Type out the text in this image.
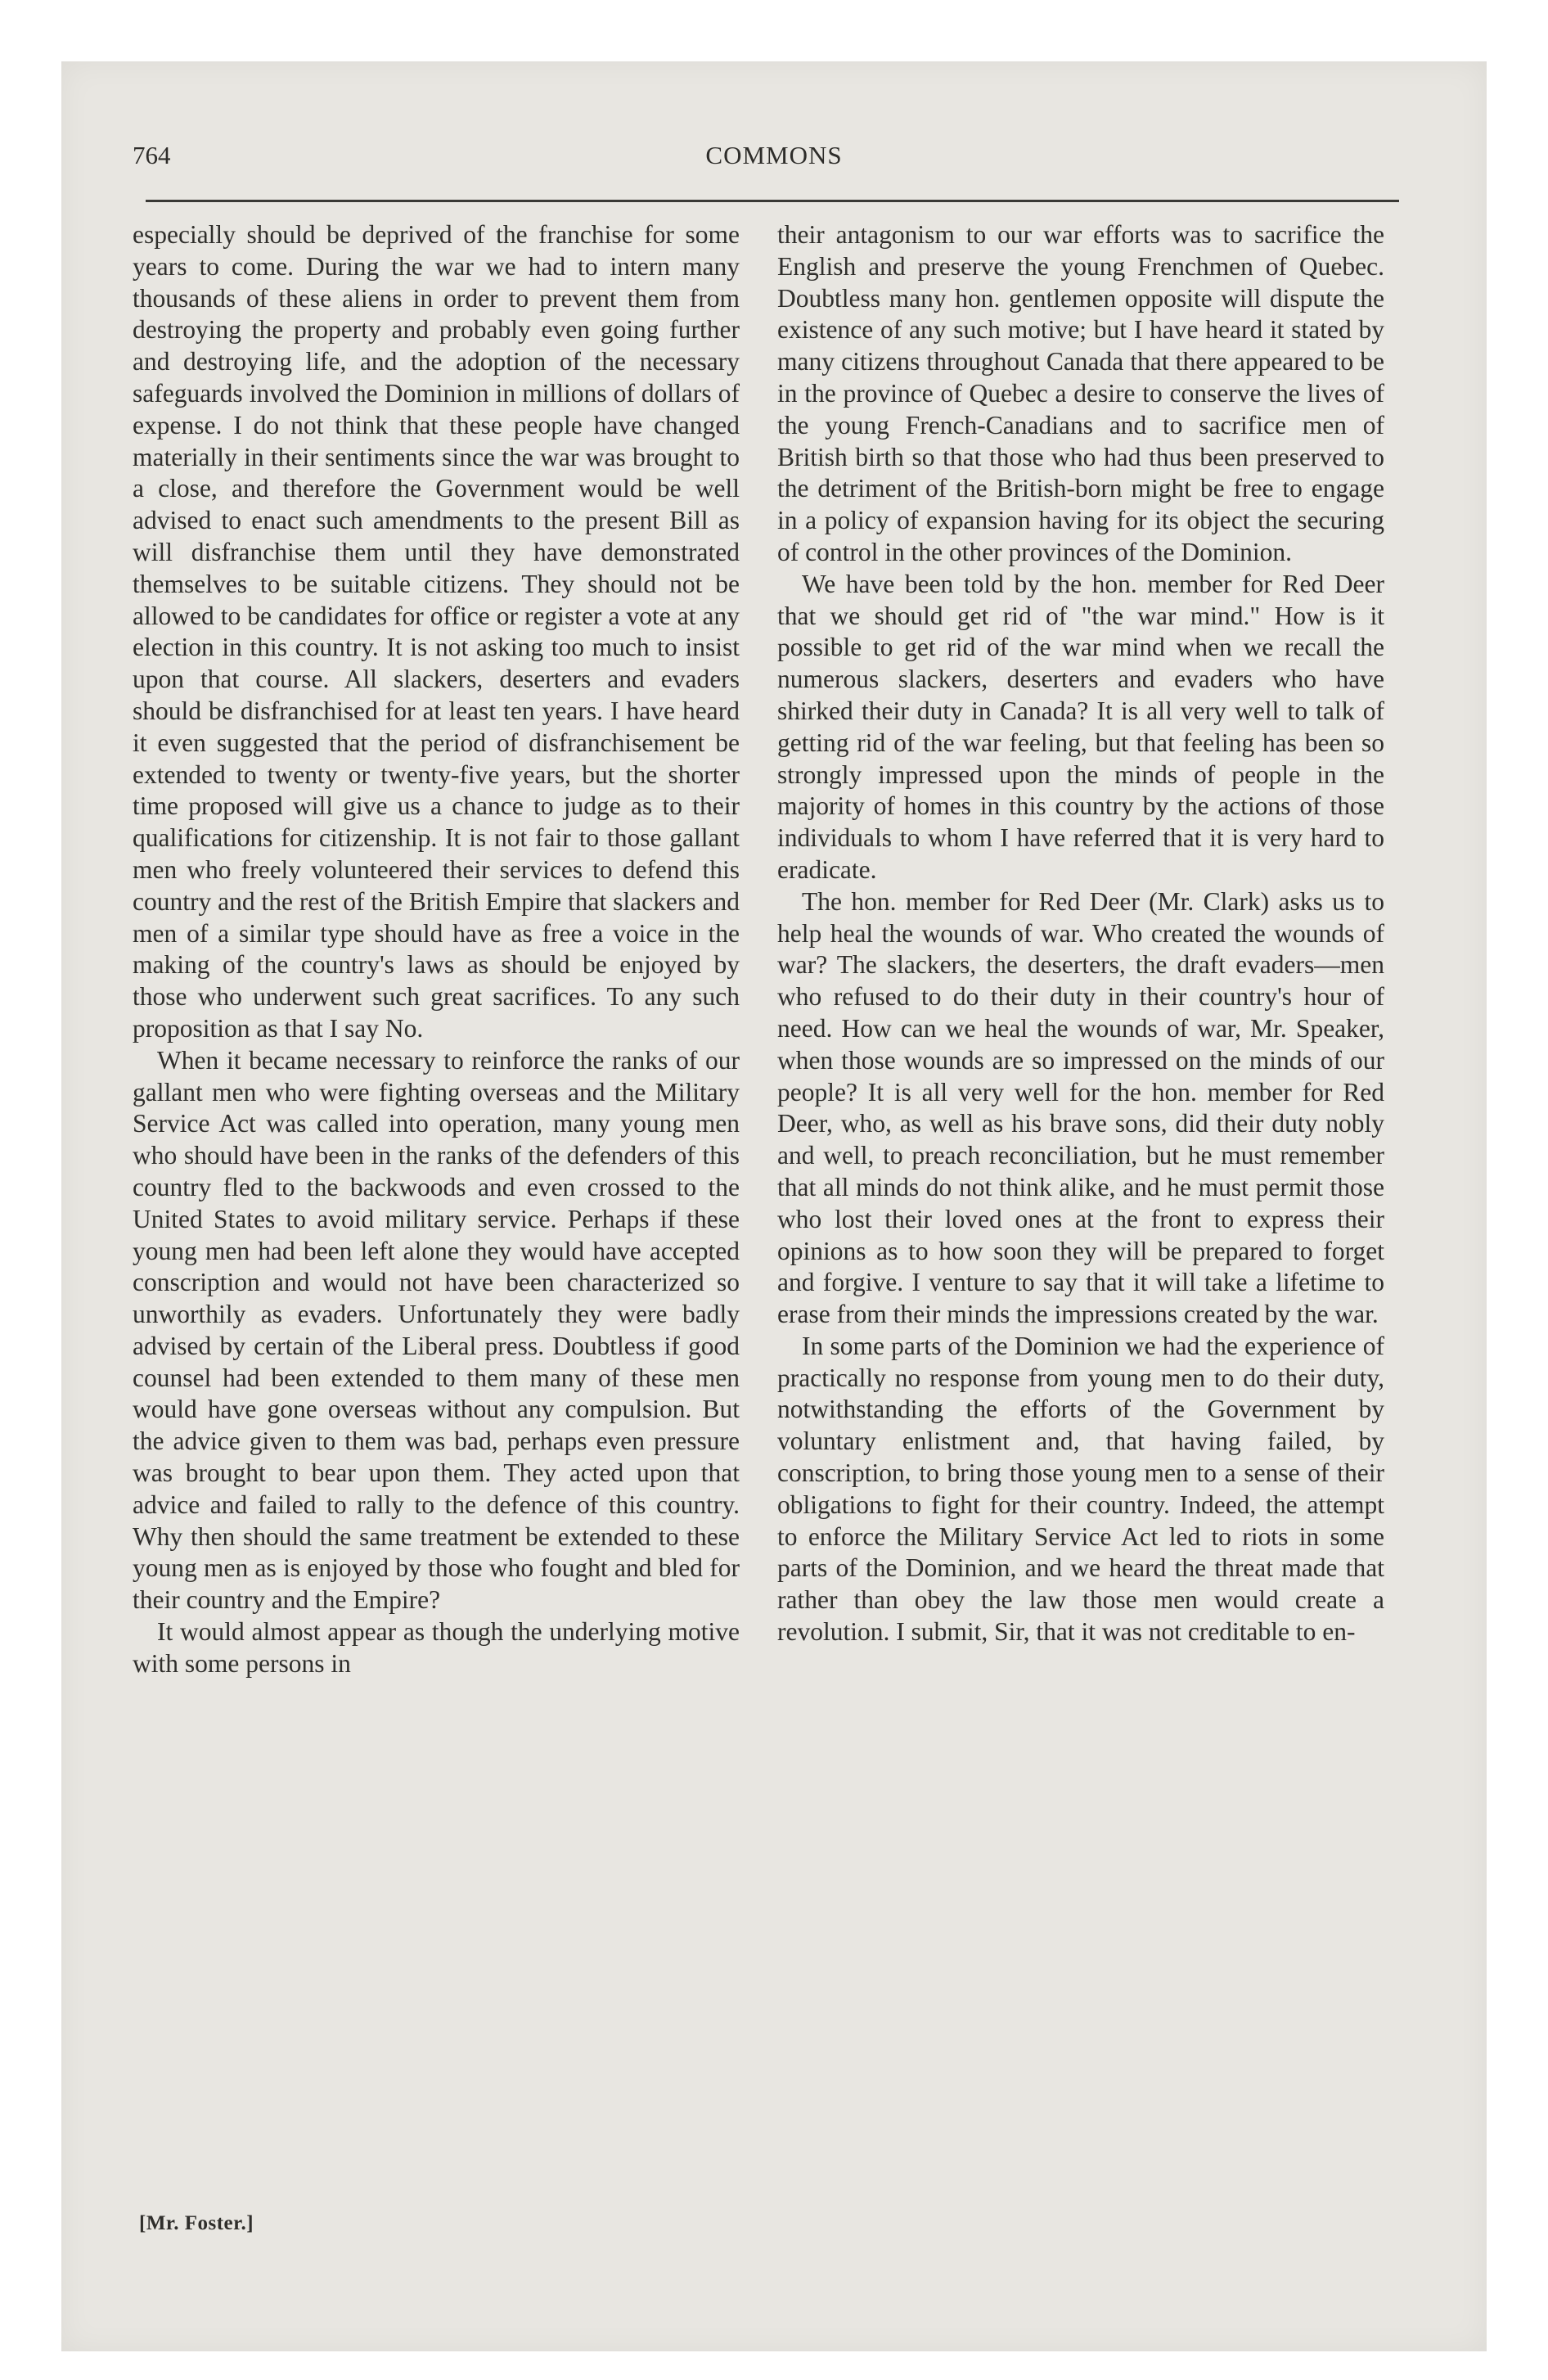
764	COMMONS

especially should be deprived of the franchise for some years to come. During the war we had to intern many thousands of these aliens in order to prevent them from destroying the property and probably even going further and destroying life, and the adoption of the necessary safeguards involved the Dominion in millions of dollars of expense. I do not think that these people have changed materially in their sentiments since the war was brought to a close, and therefore the Government would be well advised to enact such amendments to the present Bill as will disfranchise them until they have demonstrated themselves to be suitable citizens. They should not be allowed to be candidates for office or register a vote at any election in this country. It is not asking too much to insist upon that course. All slackers, deserters and evaders should be disfranchised for at least ten years. I have heard it even suggested that the period of disfranchisement be extended to twenty or twenty-five years, but the shorter time proposed will give us a chance to judge as to their qualifications for citizenship. It is not fair to those gallant men who freely volunteered their services to defend this country and the rest of the British Empire that slackers and men of a similar type should have as free a voice in the making of the country's laws as should be enjoyed by those who underwent such great sacrifices. To any such proposition as that I say No.

When it became necessary to reinforce the ranks of our gallant men who were fighting overseas and the Military Service Act was called into operation, many young men who should have been in the ranks of the defenders of this country fled to the backwoods and even crossed to the United States to avoid military service. Perhaps if these young men had been left alone they would have accepted conscription and would not have been characterized so unworthily as evaders. Unfortunately they were badly advised by certain of the Liberal press. Doubtless if good counsel had been extended to them many of these men would have gone overseas without any compulsion. But the advice given to them was bad, perhaps even pressure was brought to bear upon them. They acted upon that advice and failed to rally to the defence of this country. Why then should the same treatment be extended to these young men as is enjoyed by those who fought and bled for their country and the Empire?

It would almost appear as though the underlying motive with some persons in

[Mr. Foster.]

their antagonism to our war efforts was to sacrifice the English and preserve the young Frenchmen of Quebec. Doubtless many hon. gentlemen opposite will dispute the existence of any such motive; but I have heard it stated by many citizens throughout Canada that there appeared to be in the province of Quebec a desire to conserve the lives of the young French-Canadians and to sacrifice men of British birth so that those who had thus been preserved to the detriment of the British-born might be free to engage in a policy of expansion having for its object the securing of control in the other provinces of the Dominion.

We have been told by the hon. member for Red Deer that we should get rid of "the war mind." How is it possible to get rid of the war mind when we recall the numerous slackers, deserters and evaders who have shirked their duty in Canada? It is all very well to talk of getting rid of the war feeling, but that feeling has been so strongly impressed upon the minds of people in the majority of homes in this country by the actions of those individuals to whom I have referred that it is very hard to eradicate.

The hon. member for Red Deer (Mr. Clark) asks us to help heal the wounds of war. Who created the wounds of war? The slackers, the deserters, the draft evaders—men who refused to do their duty in their country's hour of need. How can we heal the wounds of war, Mr. Speaker, when those wounds are so impressed on the minds of our people? It is all very well for the hon. member for Red Deer, who, as well as his brave sons, did their duty nobly and well, to preach reconciliation, but he must remember that all minds do not think alike, and he must permit those who lost their loved ones at the front to express their opinions as to how soon they will be prepared to forget and forgive. I venture to say that it will take a lifetime to erase from their minds the impressions created by the war.

In some parts of the Dominion we had the experience of practically no response from young men to do their duty, notwithstanding the efforts of the Government by voluntary enlistment and, that having failed, by conscription, to bring those young men to a sense of their obligations to fight for their country. Indeed, the attempt to enforce the Military Service Act led to riots in some parts of the Dominion, and we heard the threat made that rather than obey the law those men would create a revolution. I submit, Sir, that it was not creditable to en-
